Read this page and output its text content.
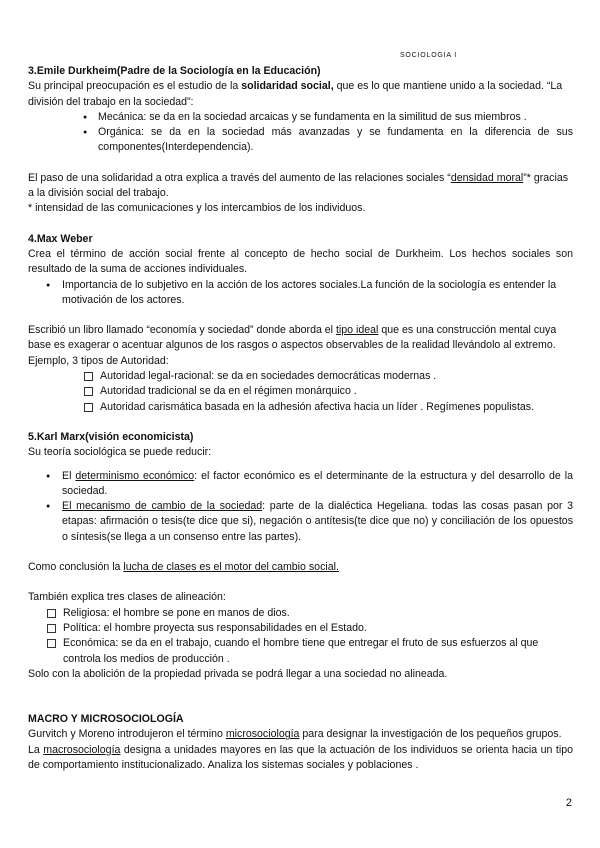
SOCIOLOGIA I

3.Emile Durkheim(Padre de la Sociología en la Educación)

Su principal preocupación es el estudio de la solidaridad social, que es lo que mantiene unido a la sociedad. “La división del trabajo en la sociedad”:

● Mecánica: se da en la sociedad arcaicas y se fundamenta en la similitud de sus miembros .
● Orgánica: se da en la sociedad más avanzadas y se fundamenta en la diferencia de sus componentes(Interdependencia).

El paso de una solidaridad a otra explica a través del aumento de las relaciones sociales “densidad moral”* gracias a la división social del trabajo.

* intensidad de las comunicaciones y los intercambios de los individuos.

4.Max Weber

Crea el término de acción social frente al concepto de hecho social de Durkheim. Los hechos sociales son resultado de la suma de acciones individuales.

● Importancia de lo subjetivo en la acción de los actores sociales.La función de la sociología es entender la motivación de los actores.

Escribió un libro llamado “economía y sociedad” donde aborda el tipo ideal que es una construcción mental cuya base es exagerar o acentuar algunos de los rasgos o aspectos observables de la realidad llevándolo al extremo. Ejemplo, 3 tipos de Autoridad:

Autoridad legal-racional: se da en sociedades democráticas modernas .
Autoridad tradicional se da en el régimen monárquico .
Autoridad carismática basada en la adhesión afectiva hacia un líder . Regímenes populistas.

5.Karl Marx(visión economicista)

Su teoría sociológica se puede reducir:

● El determinismo económico: el factor económico es el determinante de la estructura y del desarrollo de la sociedad.
● El mecanismo de cambio de la sociedad: parte de la dialéctica Hegeliana. todas las cosas pasan por 3 etapas: afirmación o tesis(te dice que si), negación o antítesis(te dice que no) y conciliación de los opuestos o síntesis(se llega a un consenso entre las partes).

Como conclusión la lucha de clases es el motor del cambio social.

También explica tres clases de alineación:

Religiosa: el hombre se pone en manos de dios.
Política: el hombre proyecta sus responsabilidades en el Estado.
Económica: se da en el trabajo, cuando el hombre tiene que entregar el fruto de sus esfuerzos al que controla los medios de producción .

Solo con la abolición de la propiedad privada se podrá llegar a una sociedad no alineada.

MACRO Y MICROSOCIOLOGÍA

Gurvitch y Moreno introdujeron el término microsociología para designar la investigación de los pequeños grupos.

La macrosociología designa a unidades mayores en las que la actuación de los individuos se orienta hacia un tipo de comportamiento institucionalizado. Analiza los sistemas sociales y poblaciones .

2
